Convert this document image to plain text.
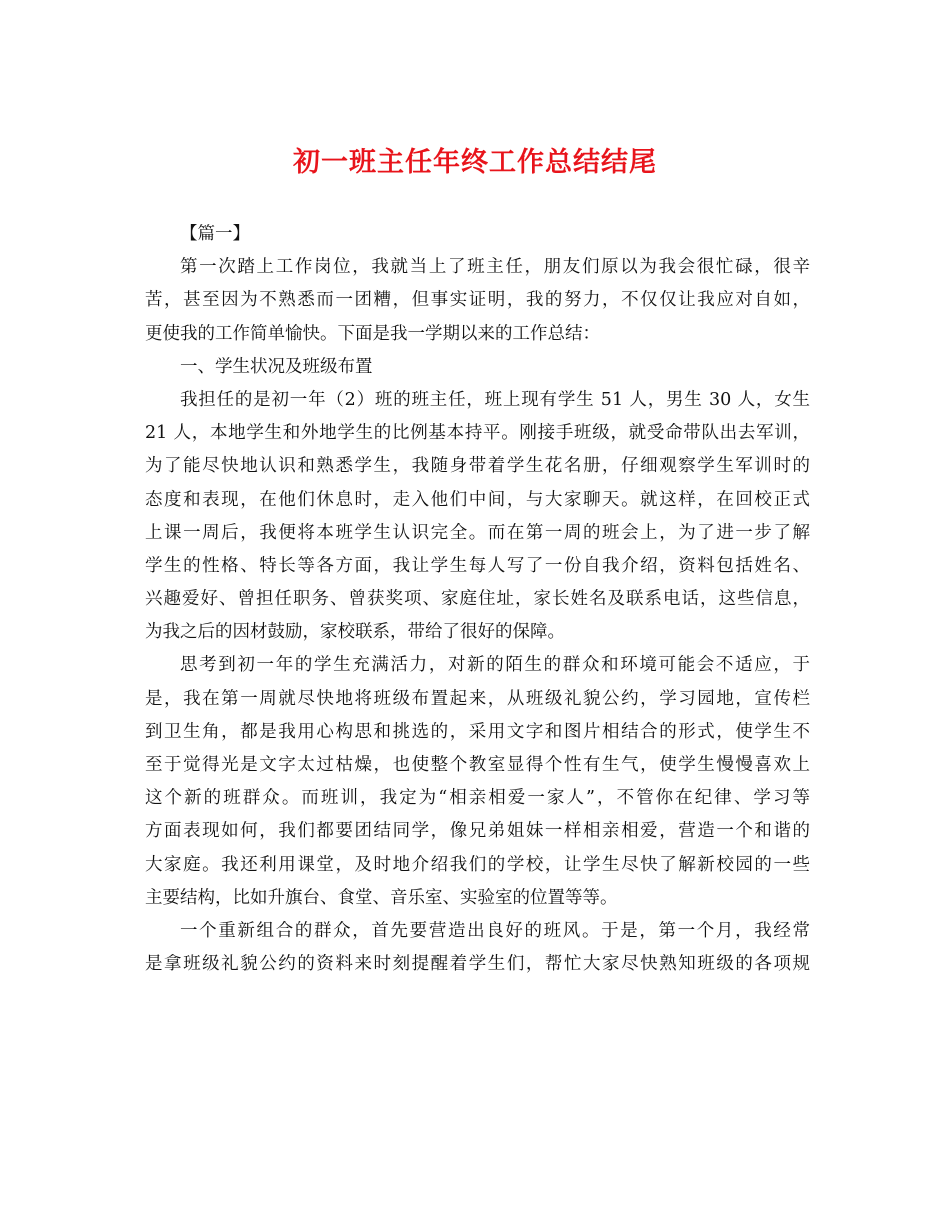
初一班主任年终工作总结结尾
【篇一】
第一次踏上工作岗位，我就当上了班主任，朋友们原以为我会很忙碌，很辛
苦，甚至因为不熟悉而一团糟，但事实证明，我的努力，不仅仅让我应对自如，
更使我的工作简单愉快。下面是我一学期以来的工作总结：
一、学生状况及班级布置
我担任的是初一年（2）班的班主任，班上现有学生 51 人，男生 30 人，女生
21 人，本地学生和外地学生的比例基本持平。刚接手班级，就受命带队出去军训，
为了能尽快地认识和熟悉学生，我随身带着学生花名册，仔细观察学生军训时的
态度和表现，在他们休息时，走入他们中间，与大家聊天。就这样，在回校正式
上课一周后，我便将本班学生认识完全。而在第一周的班会上，为了进一步了解
学生的性格、特长等各方面，我让学生每人写了一份自我介绍，资料包括姓名、
兴趣爱好、曾担任职务、曾获奖项、家庭住址，家长姓名及联系电话，这些信息，
为我之后的因材鼓励，家校联系，带给了很好的保障。
思考到初一年的学生充满活力，对新的陌生的群众和环境可能会不适应，于
是，我在第一周就尽快地将班级布置起来，从班级礼貌公约，学习园地，宣传栏
到卫生角，都是我用心构思和挑选的，采用文字和图片相结合的形式，使学生不
至于觉得光是文字太过枯燥，也使整个教室显得个性有生气，使学生慢慢喜欢上
这个新的班群众。而班训，我定为“相亲相爱一家人”，不管你在纪律、学习等
方面表现如何，我们都要团结同学，像兄弟姐妹一样相亲相爱，营造一个和谐的
大家庭。我还利用课堂，及时地介绍我们的学校，让学生尽快了解新校园的一些
主要结构，比如升旗台、食堂、音乐室、实验室的位置等等。
一个重新组合的群众，首先要营造出良好的班风。于是，第一个月，我经常
是拿班级礼貌公约的资料来时刻提醒着学生们，帮忙大家尽快熟知班级的各项规
